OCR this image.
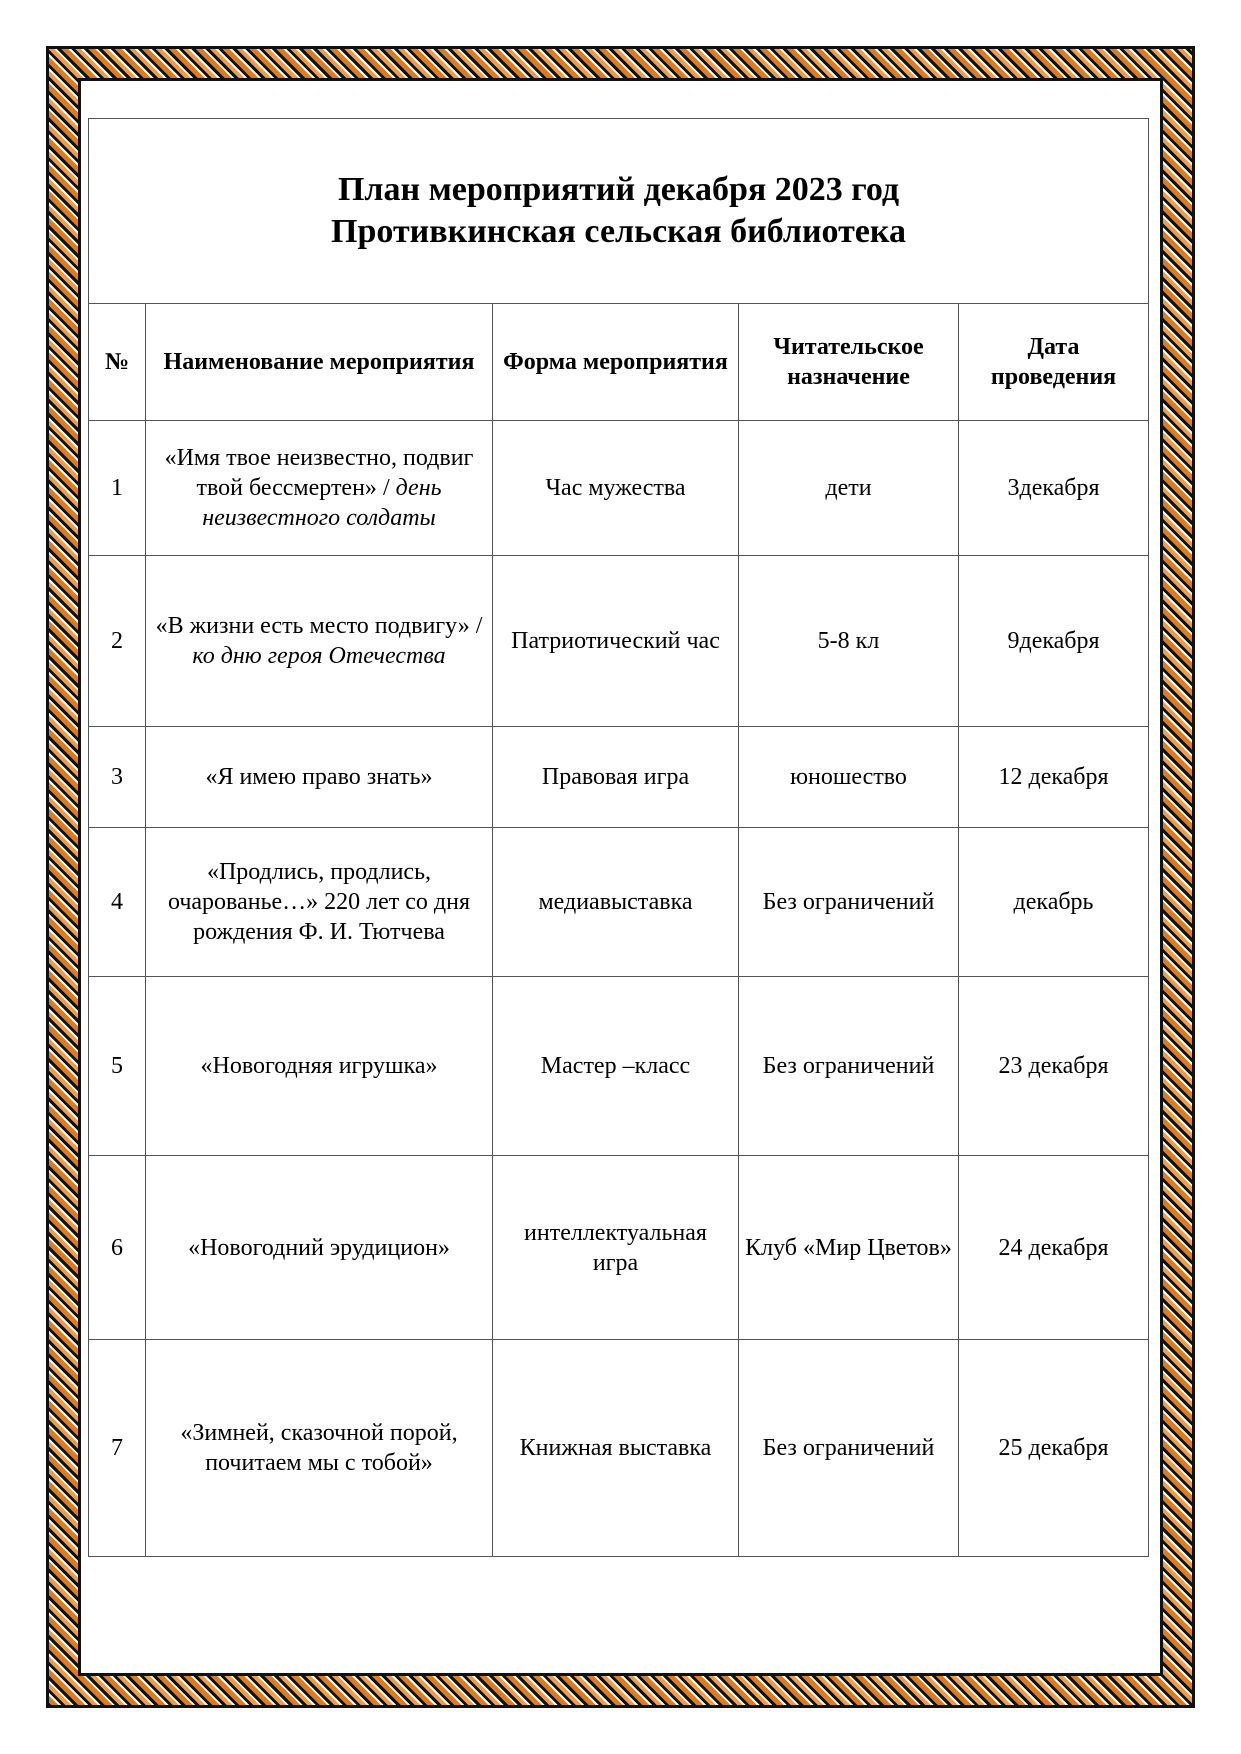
План мероприятий декабря 2023 год
Противкинская сельская библиотека				

№	Наименование мероприятия	Форма мероприятия	Читательское назначение	Дата проведения
1	«Имя твое неизвестно, подвиг твой бессмертен» / день неизвестного солдаты	Час мужества	дети	3декабря
2	«В жизни есть место подвигу» / ко дню героя Отечества	Патриотический час	5-8 кл	9декабря
3	«Я имею право знать»	Правовая игра	юношество	12 декабря
4	«Продлись, продлись, очарованье…» 220 лет со дня рождения Ф. И. Тютчева	медиавыставка	Без ограничений	декабрь
5	«Новогодняя игрушка»	Мастер –класс	Без ограничений	23 декабря
6	«Новогодний эрудицион»	интеллектуальная игра	Клуб «Мир Цветов»	24 декабря
7	«Зимней, сказочной порой, почитаем мы с тобой»	Книжная выставка	Без ограничений	25 декабря
